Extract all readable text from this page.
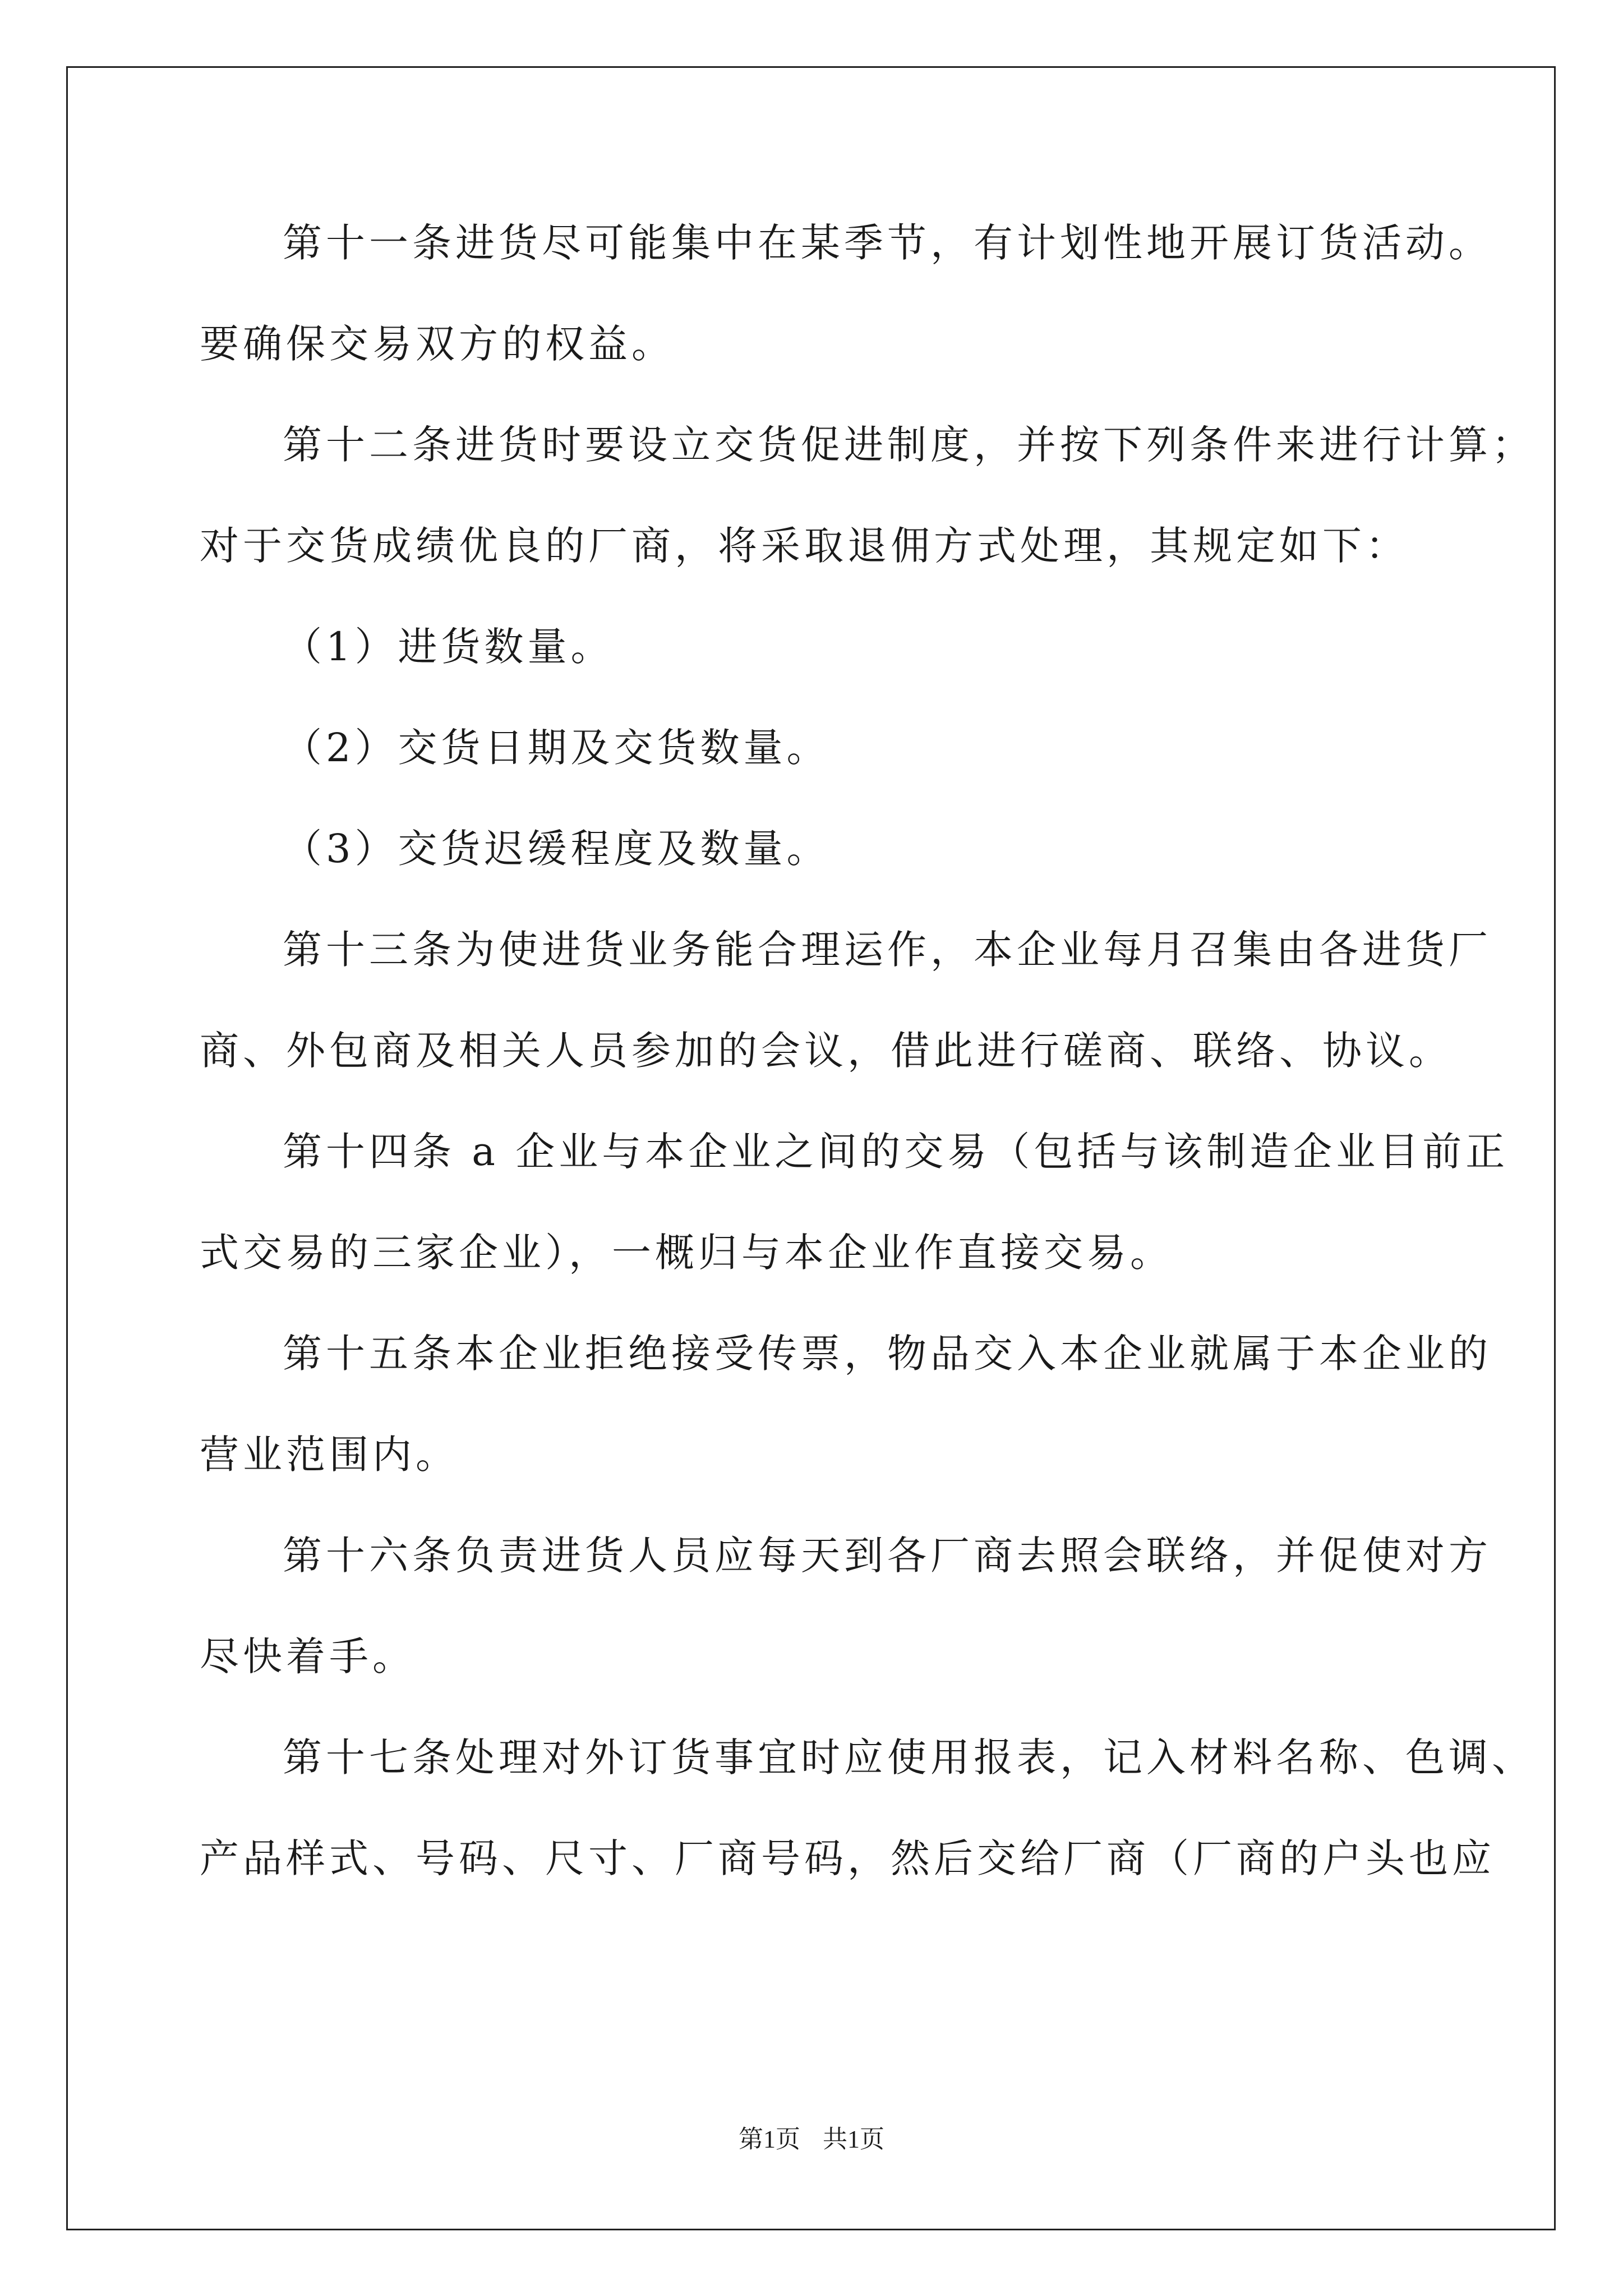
第十一条进货尽可能集中在某季节，有计划性地开展订货活动。
要确保交易双方的权益。
第十二条进货时要设立交货促进制度，并按下列条件来进行计算；
对于交货成绩优良的厂商，将采取退佣方式处理，其规定如下：
（1）进货数量。
（2）交货日期及交货数量。
（3）交货迟缓程度及数量。
第十三条为使进货业务能合理运作，本企业每月召集由各进货厂
商、外包商及相关人员参加的会议，借此进行磋商、联络、协议。
第十四条 a 企业与本企业之间的交易（包括与该制造企业目前正
式交易的三家企业），一概归与本企业作直接交易。
第十五条本企业拒绝接受传票，物品交入本企业就属于本企业的
营业范围内。
第十六条负责进货人员应每天到各厂商去照会联络，并促使对方
尽快着手。
第十七条处理对外订货事宜时应使用报表，记入材料名称、色调、
产品样式、号码、尺寸、厂商号码，然后交给厂商（厂商的户头也应
第1页 共1页
